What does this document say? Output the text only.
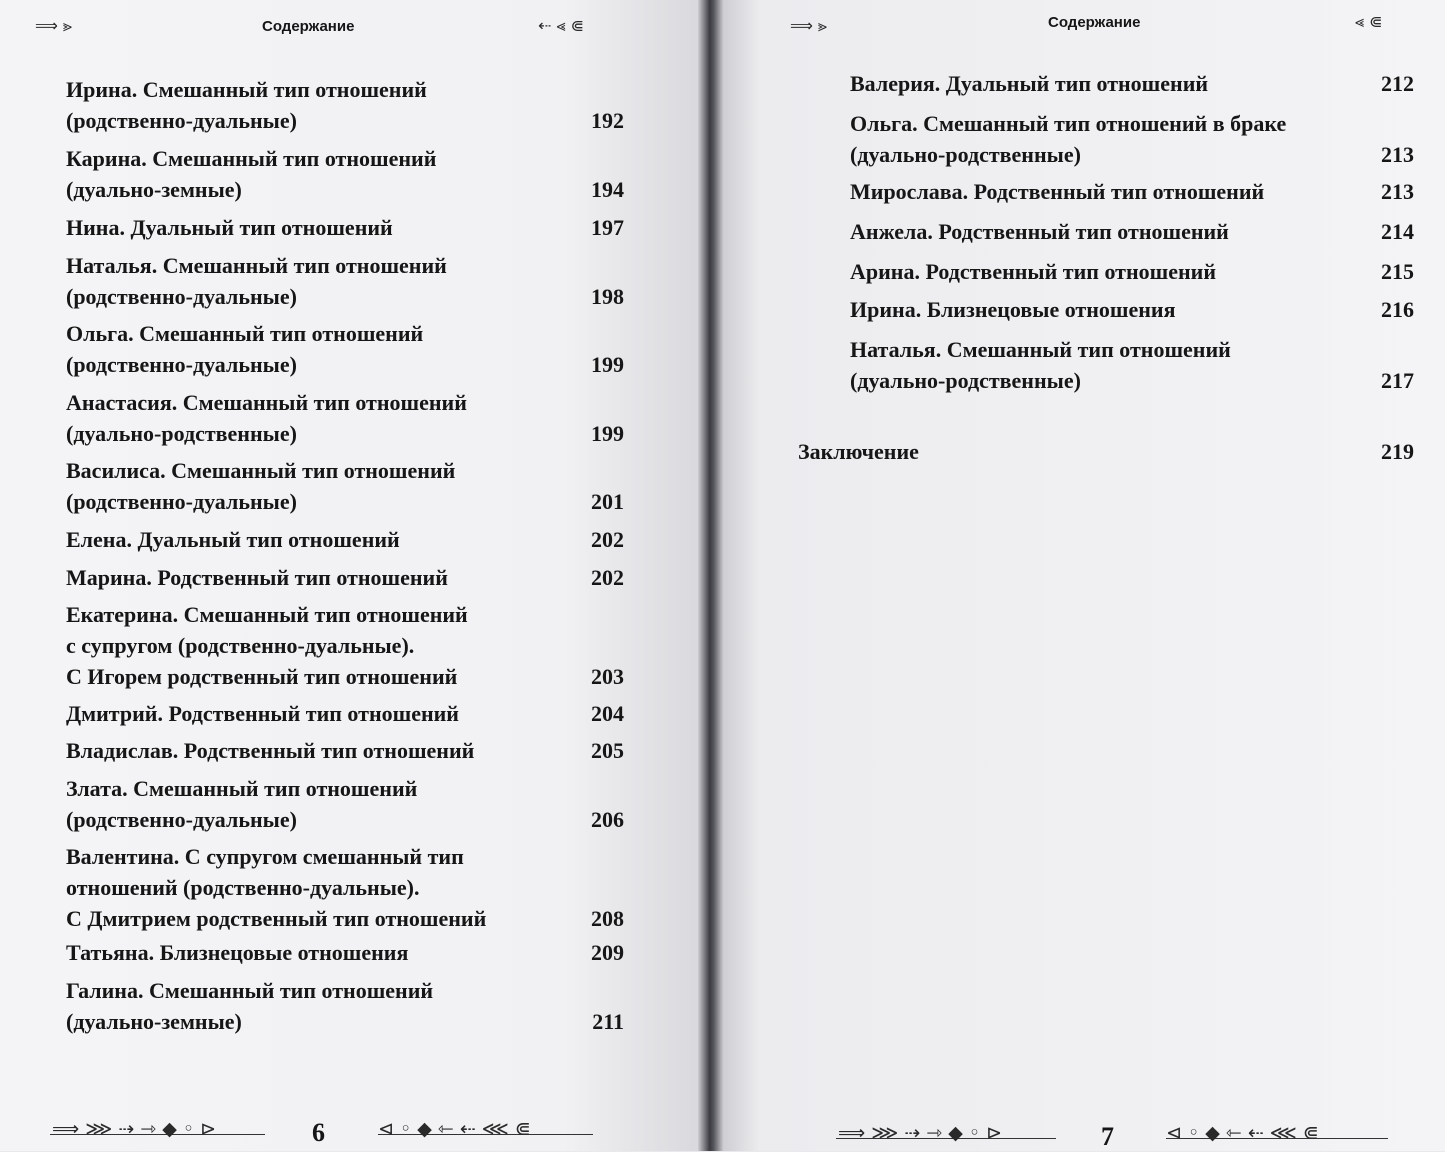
⟹ ⪢	Содержание	⇠ ⪡ ⋐	⟹ ⪢	Содержание	⪡ ⋐
Ирина. Смешанный тип отношений
(родственно-дуальные)	192
Карина. Смешанный тип отношений
(дуально-земные)	194
Нина. Дуальный тип отношений	197
Наталья. Смешанный тип отношений
(родственно-дуальные)	198
Ольга. Смешанный тип отношений
(родственно-дуальные)	199
Анастасия. Смешанный тип отношений
(дуально-родственные)	199
Василиса. Смешанный тип отношений
(родственно-дуальные)	201
Елена. Дуальный тип отношений	202
Марина. Родственный тип отношений	202
Екатерина. Смешанный тип отношений
с супругом (родственно-дуальные).
С Игорем родственный тип отношений	203
Дмитрий. Родственный тип отношений	204
Владислав. Родственный тип отношений	205
Злата. Смешанный тип отношений
(родственно-дуальные)	206
Валентина. С супругом смешанный тип
отношений (родственно-дуальные).
С Дмитрием родственный тип отношений	208
Татьяна. Близнецовые отношения	209
Галина. Смешанный тип отношений
(дуально-земные)	211
Валерия. Дуальный тип отношений	212
Ольга. Смешанный тип отношений в браке
(дуально-родственные)	213
Мирослава. Родственный тип отношений	213
Анжела. Родственный тип отношений	214
Арина. Родственный тип отношений	215
Ирина. Близнецовые отношения	216
Наталья. Смешанный тип отношений
(дуально-родственные)	217
Заключение	219
⟹ ⋙ ⇢ ⇾ ◆ ◦ ⊳	6	⊲ ◦ ◆ ⇽ ⇠ ⋘ ⋐	⟹ ⋙ ⇢ ⇾ ◆ ◦ ⊳	7	⊲ ◦ ◆ ⇽ ⇠ ⋘ ⋐
